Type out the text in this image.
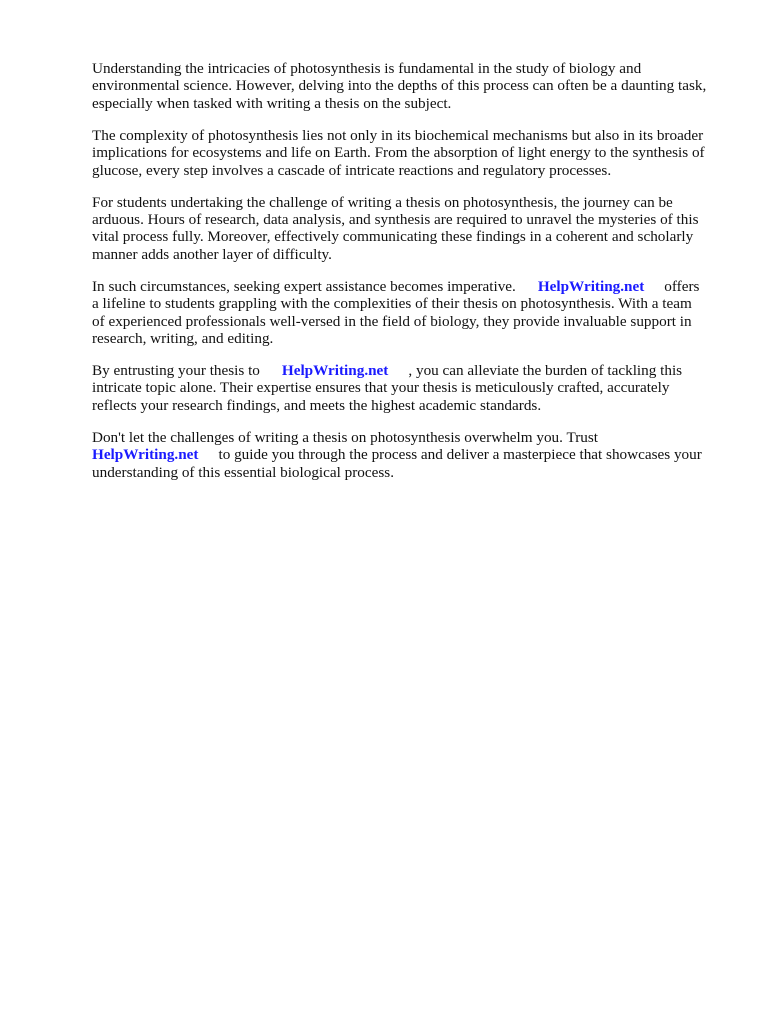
Understanding the intricacies of photosynthesis is fundamental in the study of biology and
environmental science. However, delving into the depths of this process can often be a daunting task,
especially when tasked with writing a thesis on the subject.

The complexity of photosynthesis lies not only in its biochemical mechanisms but also in its broader
implications for ecosystems and life on Earth. From the absorption of light energy to the synthesis of
glucose, every step involves a cascade of intricate reactions and regulatory processes.

For students undertaking the challenge of writing a thesis on photosynthesis, the journey can be
arduous. Hours of research, data analysis, and synthesis are required to unravel the mysteries of this
vital process fully. Moreover, effectively communicating these findings in a coherent and scholarly
manner adds another layer of difficulty.

In such circumstances, seeking expert assistance becomes imperative. HelpWriting.net offers
a lifeline to students grappling with the complexities of their thesis on photosynthesis. With a team
of experienced professionals well-versed in the field of biology, they provide invaluable support in
research, writing, and editing.

By entrusting your thesis to HelpWriting.net , you can alleviate the burden of tackling this
intricate topic alone. Their expertise ensures that your thesis is meticulously crafted, accurately
reflects your research findings, and meets the highest academic standards.

Don't let the challenges of writing a thesis on photosynthesis overwhelm you. Trust
HelpWriting.net to guide you through the process and deliver a masterpiece that showcases your
understanding of this essential biological process.
